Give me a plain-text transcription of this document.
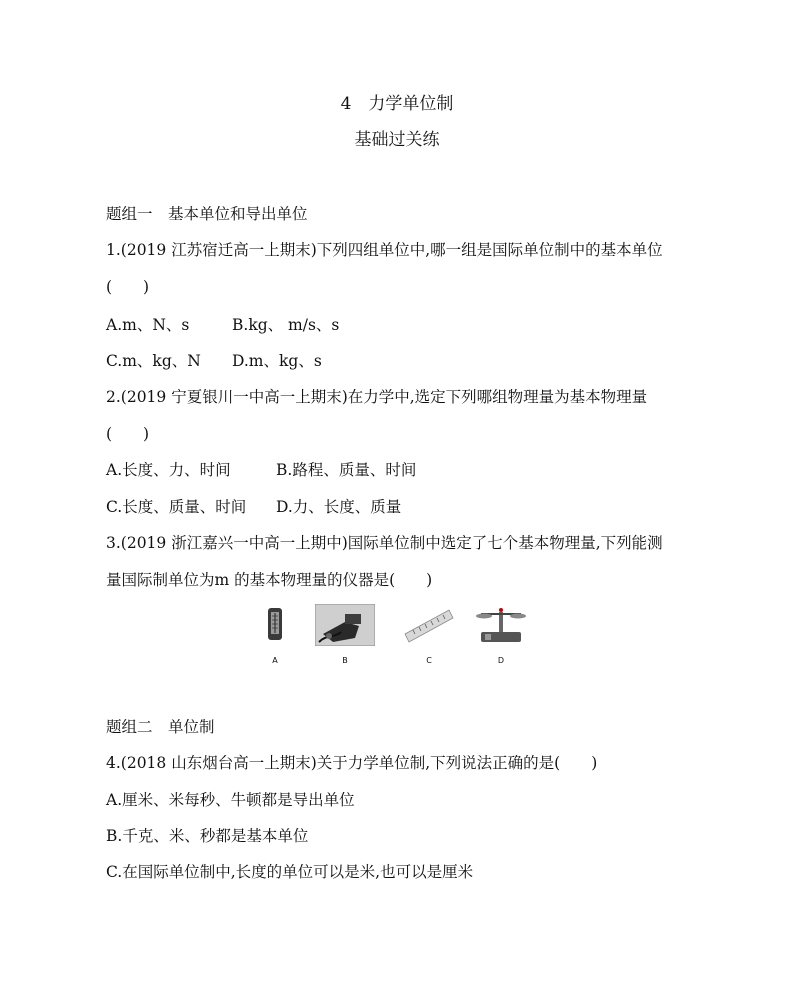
4　力学单位制
基础过关练
题组一　基本单位和导出单位
1.(2019 江苏宿迁高一上期末)下列四组单位中,哪一组是国际单位制中的基本单位
(　　)
A.m、N、s	B.kg、 m/s、s
C.m、kg、N D.m、kg、s
2.(2019 宁夏银川一中高一上期末)在力学中,选定下列哪组物理量为基本物理量
(　　)
A.长度、力、时间	B.路程、质量、时间
C.长度、质量、时间 D.力、长度、质量
3.(2019 浙江嘉兴一中高一上期中)国际单位制中选定了七个基本物理量,下列能测
量国际制单位为m 的基本物理量的仪器是(　　)
A	B	C	D
题组二　单位制
4.(2018 山东烟台高一上期末)关于力学单位制,下列说法正确的是(　　)
A.厘米、米每秒、牛顿都是导出单位
B.千克、米、秒都是基本单位
C.在国际单位制中,长度的单位可以是米,也可以是厘米
